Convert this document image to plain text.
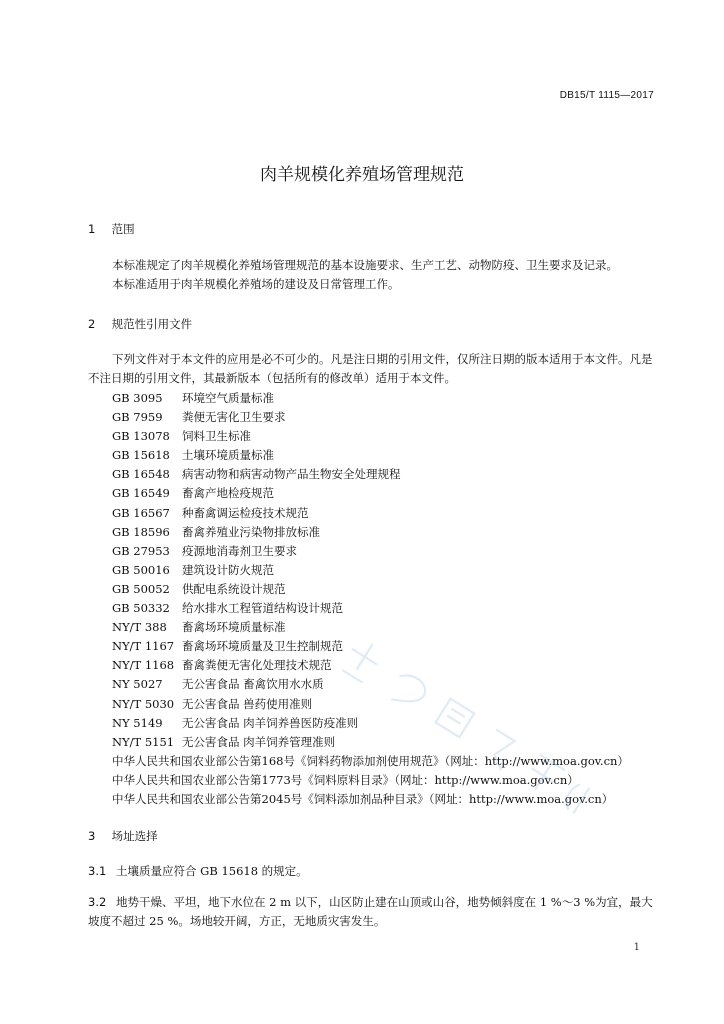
DB15/T 1115—2017
肉羊规模化养殖场管理规范
1 范围
本标准规定了肉羊规模化养殖场管理规范的基本设施要求、生产工艺、动物防疫、卫生要求及记录。
本标准适用于肉羊规模化养殖场的建设及日常管理工作。
2 规范性引用文件
下列文件对于本文件的应用是必不可少的。凡是注日期的引用文件，仅所注日期的版本适用于本文件。凡是不注日期的引用文件，其最新版本（包括所有的修改单）适用于本文件。
GB 3095 环境空气质量标准
GB 7959 粪便无害化卫生要求
GB 13078 饲料卫生标准
GB 15618 土壤环境质量标准
GB 16548 病害动物和病害动物产品生物安全处理规程
GB 16549 畜禽产地检疫规范
GB 16567 种畜禽调运检疫技术规范
GB 18596 畜禽养殖业污染物排放标准
GB 27953 疫源地消毒剂卫生要求
GB 50016 建筑设计防火规范
GB 50052 供配电系统设计规范
GB 50332 给水排水工程管道结构设计规范
NY/T 388 畜禽场环境质量标准
NY/T 1167 畜禽场环境质量及卫生控制规范
NY/T 1168 畜禽粪便无害化处理技术规范
NY 5027 无公害食品 畜禽饮用水水质
NY/T 5030 无公害食品 兽药使用准则
NY 5149 无公害食品 肉羊饲养兽医防疫准则
NY/T 5151 无公害食品 肉羊饲养管理准则
中华人民共和国农业部公告第168号《饲料药物添加剂使用规范》（网址：http://www.moa.gov.cn）
中华人民共和国农业部公告第1773号《饲料原料目录》（网址：http://www.moa.gov.cn）
中华人民共和国农业部公告第2045号《饲料添加剂品种目录》（网址：http://www.moa.gov.cn）
3 场址选择
3.1 土壤质量应符合 GB 15618 的规定。
3.2 地势干燥、平坦，地下水位在 2 m 以下，山区防止建在山顶或山谷，地势倾斜度在 1 %～3 %为宜，最大坡度不超过 25 %。场地较开阔，方正，无地质灾害发生。
1
